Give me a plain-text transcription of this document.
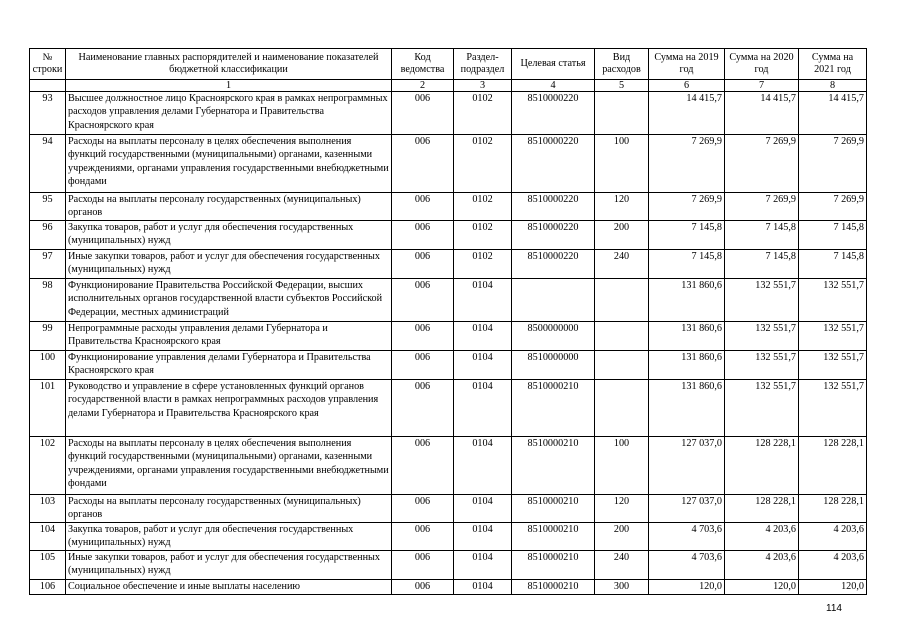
№ строки	Наименование главных распорядителей и наименование показателей бюджетной классификации	Код ведомства	Раздел-подраздел	Целевая статья	Вид расходов	Сумма на 2019 год	Сумма на 2020 год	Сумма на 2021 год
	1	2	3	4	5	6	7	8
93	Высшее должностное лицо Красноярского края в рамках непрограммных расходов управления делами Губернатора и Правительства Красноярского края	006	0102	8510000220		14 415,7	14 415,7	14 415,7
94	Расходы на выплаты персоналу в целях обеспечения выполнения функций государственными (муниципальными) органами, казенными учреждениями, органами управления государственными внебюджетными фондами	006	0102	8510000220	100	7 269,9	7 269,9	7 269,9
95	Расходы на выплаты персоналу государственных (муниципальных) органов	006	0102	8510000220	120	7 269,9	7 269,9	7 269,9
96	Закупка товаров, работ и услуг для обеспечения государственных (муниципальных) нужд	006	0102	8510000220	200	7 145,8	7 145,8	7 145,8
97	Иные закупки товаров, работ и услуг для обеспечения государственных (муниципальных) нужд	006	0102	8510000220	240	7 145,8	7 145,8	7 145,8
98	Функционирование Правительства Российской Федерации, высших исполнительных органов государственной власти субъектов Российской Федерации, местных администраций	006	0104			131 860,6	132 551,7	132 551,7
99	Непрограммные расходы управления делами Губернатора и Правительства Красноярского края	006	0104	8500000000		131 860,6	132 551,7	132 551,7
100	Функционирование управления делами Губернатора и Правительства Красноярского края	006	0104	8510000000		131 860,6	132 551,7	132 551,7
101	Руководство и управление в сфере установленных функций органов государственной власти в рамках непрограммных расходов управления делами Губернатора и Правительства Красноярского края	006	0104	8510000210		131 860,6	132 551,7	132 551,7
102	Расходы на выплаты персоналу в целях обеспечения выполнения функций государственными (муниципальными) органами, казенными учреждениями, органами управления государственными внебюджетными фондами	006	0104	8510000210	100	127 037,0	128 228,1	128 228,1
103	Расходы на выплаты персоналу государственных (муниципальных) органов	006	0104	8510000210	120	127 037,0	128 228,1	128 228,1
104	Закупка товаров, работ и услуг для обеспечения государственных (муниципальных) нужд	006	0104	8510000210	200	4 703,6	4 203,6	4 203,6
105	Иные закупки товаров, работ и услуг для обеспечения государственных (муниципальных) нужд	006	0104	8510000210	240	4 703,6	4 203,6	4 203,6
106	Социальное обеспечение и иные выплаты населению	006	0104	8510000210	300	120,0	120,0	120,0
114
